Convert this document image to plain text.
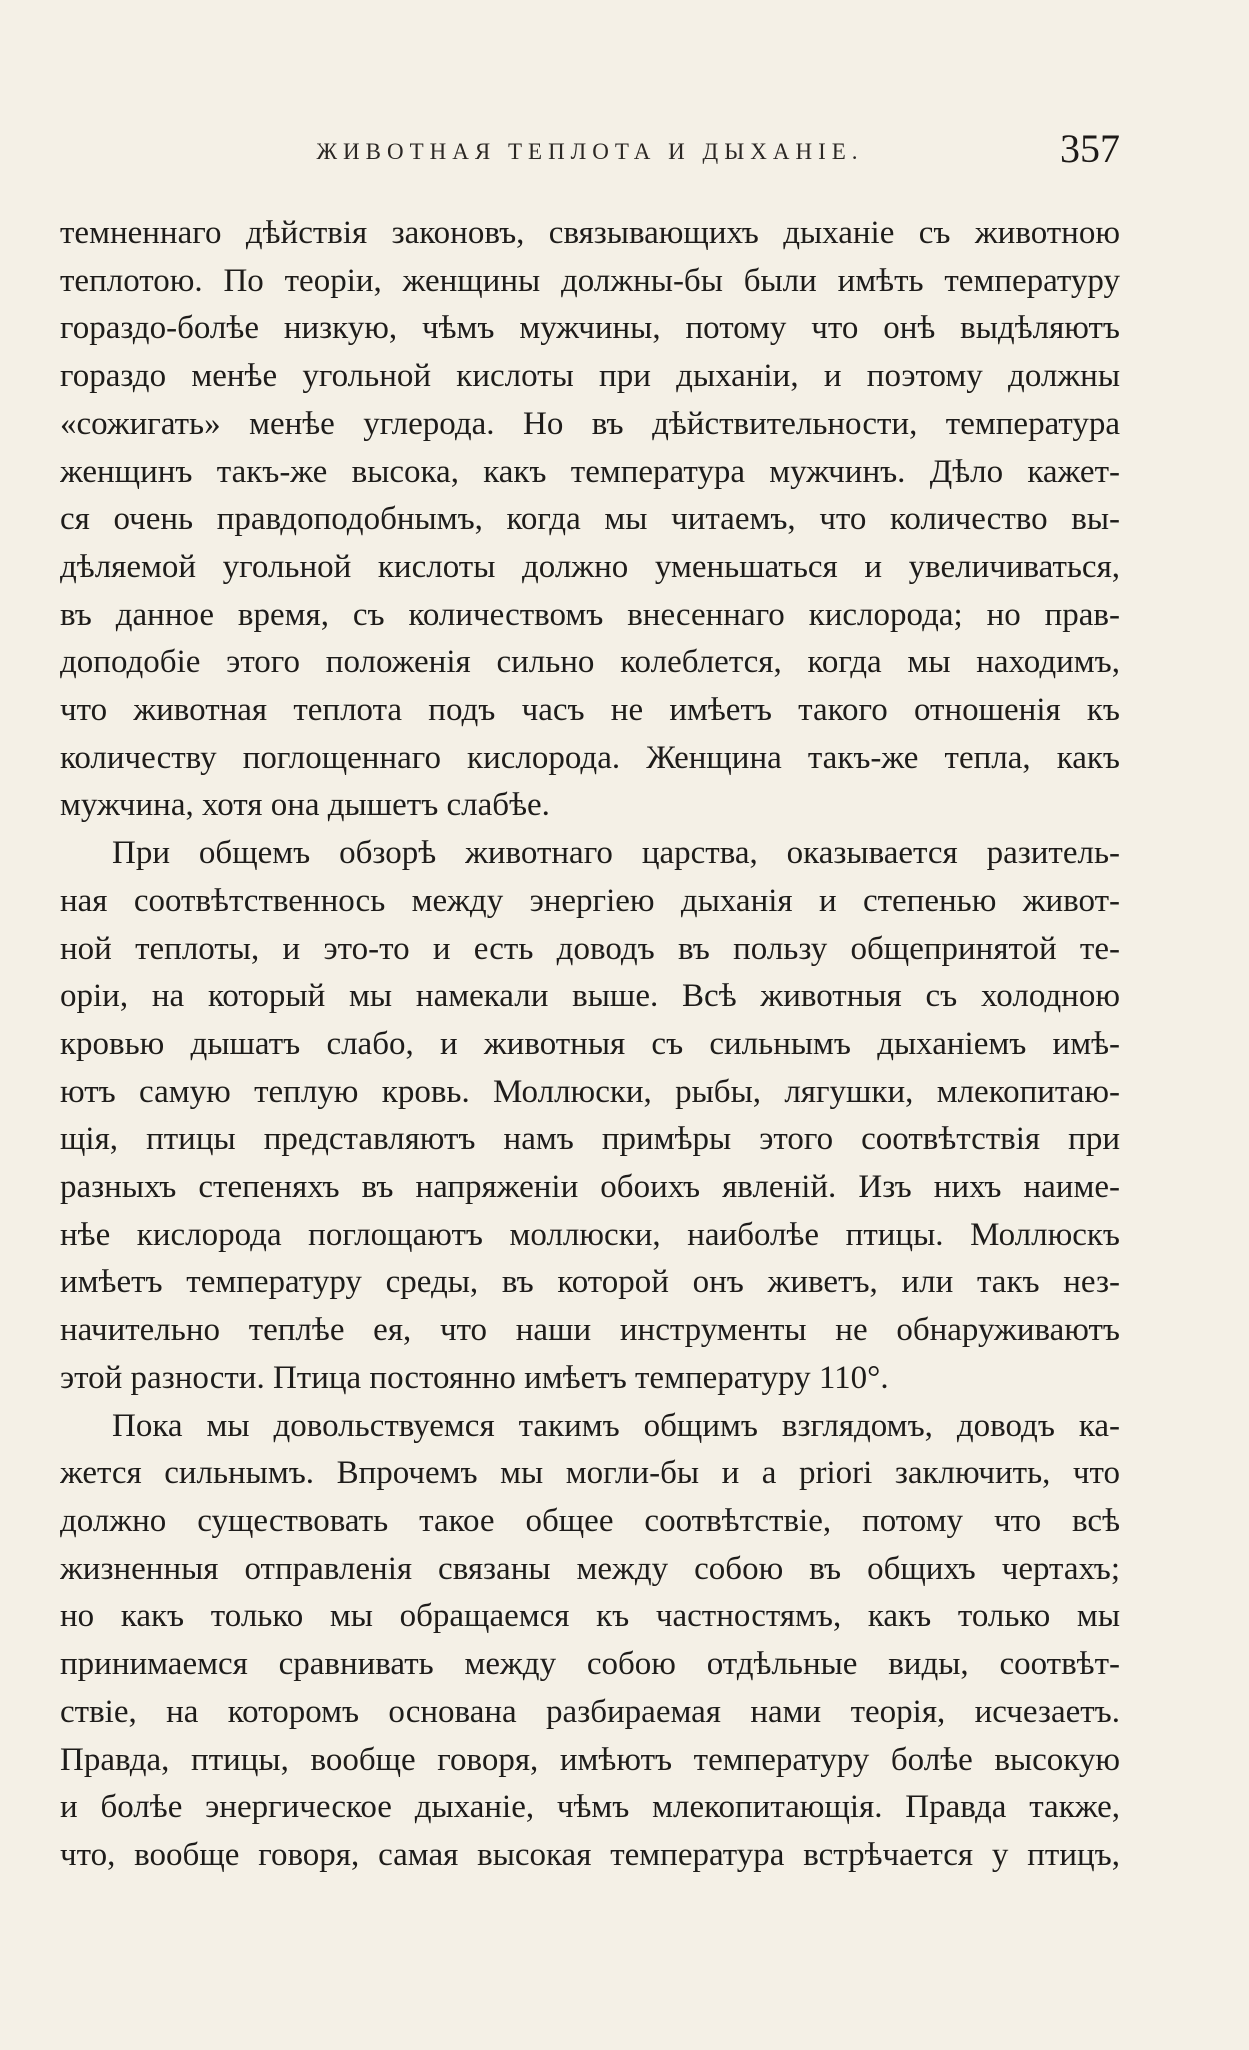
ЖИВОТНАЯ ТЕПЛОТА И ДЫХАНІЕ.	357

темненнаго дѣйствія законовъ, связывающихъ дыханіе съ животною
теплотою. По теоріи, женщины должны-бы были имѣть температуру
гораздо-болѣе низкую, чѣмъ мужчины, потому что онѣ выдѣляютъ
гораздо менѣе угольной кислоты при дыханіи, и поэтому должны
«сожигать» менѣе углерода. Но въ дѣйствительности, температура
женщинъ такъ-же высока, какъ температура мужчинъ. Дѣло кажет-
ся очень правдоподобнымъ, когда мы читаемъ, что количество вы-
дѣляемой угольной кислоты должно уменьшаться и увеличиваться,
въ данное время, съ количествомъ внесеннаго кислорода; но прав-
доподобіе этого положенія сильно колеблется, когда мы находимъ,
что животная теплота подъ часъ не имѣетъ такого отношенія къ
количеству поглощеннаго кислорода. Женщина такъ-же тепла, какъ
мужчина, хотя она дышетъ слабѣе.

При общемъ обзорѣ животнаго царства, оказывается разитель-
ная соотвѣтственнось между энергіею дыханія и степенью живот-
ной теплоты, и это-то и есть доводъ въ пользу общепринятой те-
оріи, на который мы намекали выше. Всѣ животныя съ холодною
кровью дышатъ слабо, и животныя съ сильнымъ дыханіемъ имѣ-
ютъ самую теплую кровь. Моллюски, рыбы, лягушки, млекопитаю-
щія, птицы представляютъ намъ примѣры этого соотвѣтствія при
разныхъ степеняхъ въ напряженіи обоихъ явленій. Изъ нихъ наиме-
нѣе кислорода поглощаютъ моллюски, наиболѣе птицы. Моллюскъ
имѣетъ температуру среды, въ которой онъ живетъ, или такъ нез-
начительно теплѣе ея, что наши инструменты не обнаруживаютъ
этой разности. Птица постоянно имѣетъ температуру 110°.

Пока мы довольствуемся такимъ общимъ взглядомъ, доводъ ка-
жется сильнымъ. Впрочемъ мы могли-бы и a priori заключить, что
должно существовать такое общее соотвѣтствіе, потому что всѣ
жизненныя отправленія связаны между собою въ общихъ чертахъ;
но какъ только мы обращаемся къ частностямъ, какъ только мы
принимаемся сравнивать между собою отдѣльные виды, соотвѣт-
ствіе, на которомъ основана разбираемая нами теорія, исчезаетъ.
Правда, птицы, вообще говоря, имѣютъ температуру болѣе высокую
и болѣе энергическое дыханіе, чѣмъ млекопитающія. Правда также,
что, вообще говоря, самая высокая температура встрѣчается у птицъ,
